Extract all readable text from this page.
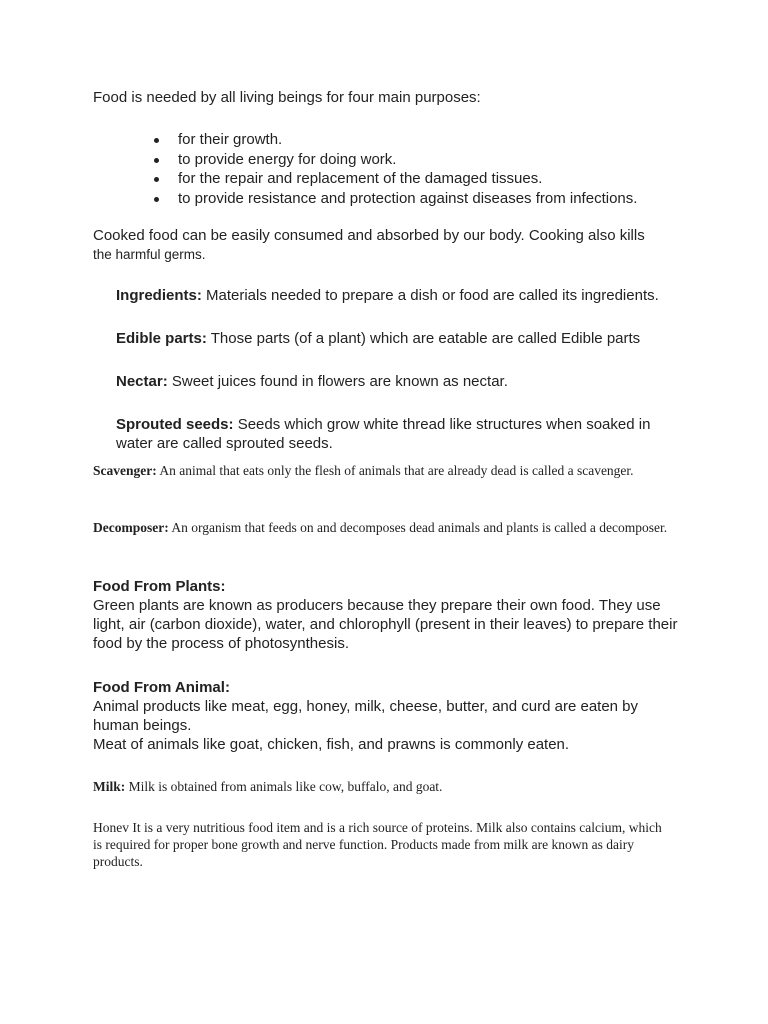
Food is needed by all living beings for four main purposes:

for their growth.
to provide energy for doing work.
for the repair and replacement of the damaged tissues.
to provide resistance and protection against diseases from infections.
Cooked food can be easily consumed and absorbed by our body. Cooking also kills
the harmful germs.

Ingredients: Materials needed to prepare a dish or food are called its ingredients.

Edible parts: Those parts (of a plant) which are eatable are called Edible parts

Nectar: Sweet juices found in flowers are known as nectar.

Sprouted seeds: Seeds which grow white thread like structures when soaked in water are called sprouted seeds.

Scavenger: An animal that eats only the flesh of animals that are already dead is called a scavenger.

Decomposer: An organism that feeds on and decomposes dead animals and plants is called a decomposer.

Food From Plants:
Green plants are known as producers because they prepare their own food. They use light, air (carbon dioxide), water, and chlorophyll (present in their leaves) to prepare their food by the process of photosynthesis.
Food From Animal:
Animal products like meat, egg, honey, milk, cheese, butter, and curd are eaten by human beings.
Meat of animals like goat, chicken, fish, and prawns is commonly eaten.

Milk: Milk is obtained from animals like cow, buffalo, and goat.

Honev It is a very nutritious food item and is a rich source of proteins. Milk also contains calcium, which is required for proper bone growth and nerve function. Products made from milk are known as dairy products.
